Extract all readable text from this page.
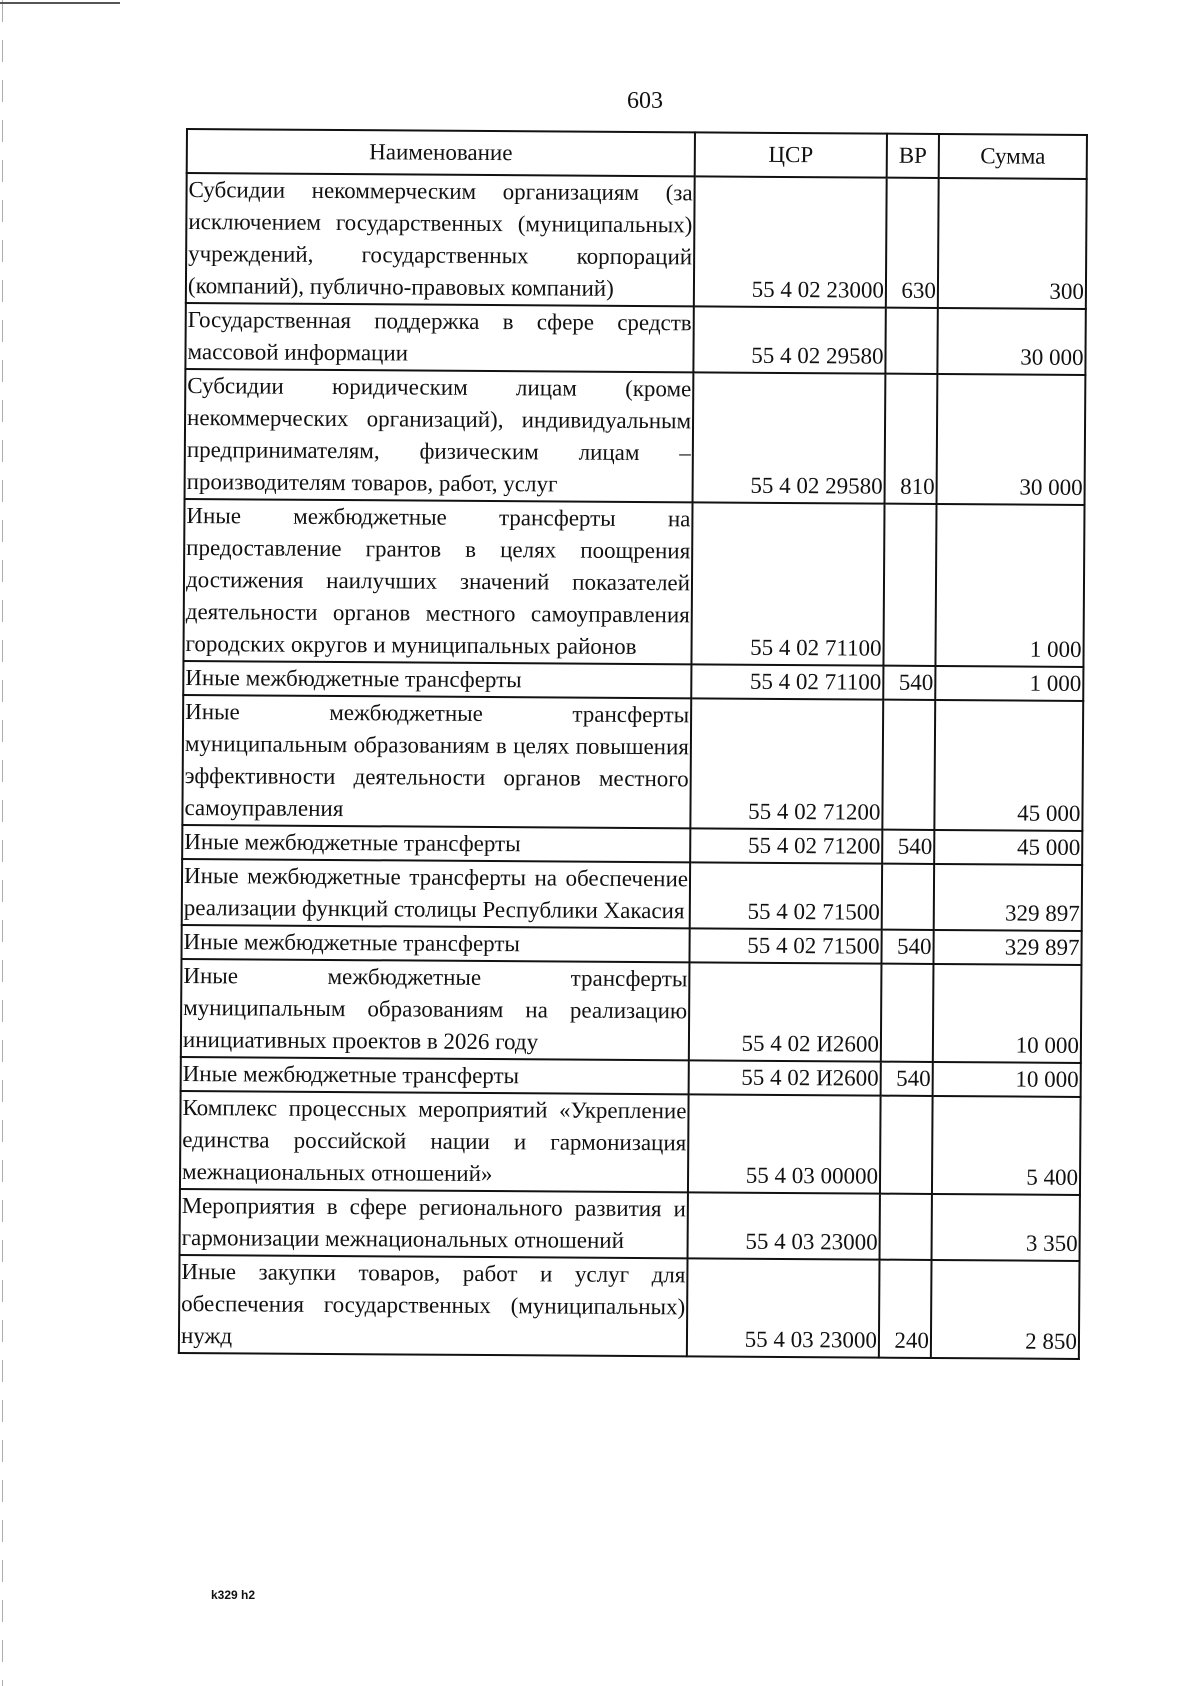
603
Наименование	ЦСР	ВР	Сумма
Субсидии некоммерческим организациям (за исключением государственных (муниципальных) учреждений, государственных корпораций (компаний), публично-правовых компаний)	55 4 02 23000	630	300
Государственная поддержка в сфере средств массовой информации	55 4 02 29580		30 000
Субсидии юридическим лицам (кроме некоммерческих организаций), индивидуальным предпринимателям, физическим лицам – производителям товаров, работ, услуг	55 4 02 29580	810	30 000
Иные межбюджетные трансферты на предоставление грантов в целях поощрения достижения наилучших значений показателей деятельности органов местного самоуправления городских округов и муниципальных районов	55 4 02 71100		1 000
Иные межбюджетные трансферты	55 4 02 71100	540	1 000
Иные межбюджетные трансферты муниципальным образованиям в целях повышения эффективности деятельности органов местного самоуправления	55 4 02 71200		45 000
Иные межбюджетные трансферты	55 4 02 71200	540	45 000
Иные межбюджетные трансферты на обеспечение реализации функций столицы Республики Хакасия	55 4 02 71500		329 897
Иные межбюджетные трансферты	55 4 02 71500	540	329 897
Иные межбюджетные трансферты муниципальным образованиям на реализацию инициативных проектов в 2026 году	55 4 02 И2600		10 000
Иные межбюджетные трансферты	55 4 02 И2600	540	10 000
Комплекс процессных мероприятий «Укрепление единства российской нации и гармонизация межнациональных отношений»	55 4 03 00000		5 400
Мероприятия в сфере регионального развития и гармонизации межнациональных отношений	55 4 03 23000		3 350
Иные закупки товаров, работ и услуг для обеспечения государственных (муниципальных) нужд	55 4 03 23000	240	2 850
k329 h2
